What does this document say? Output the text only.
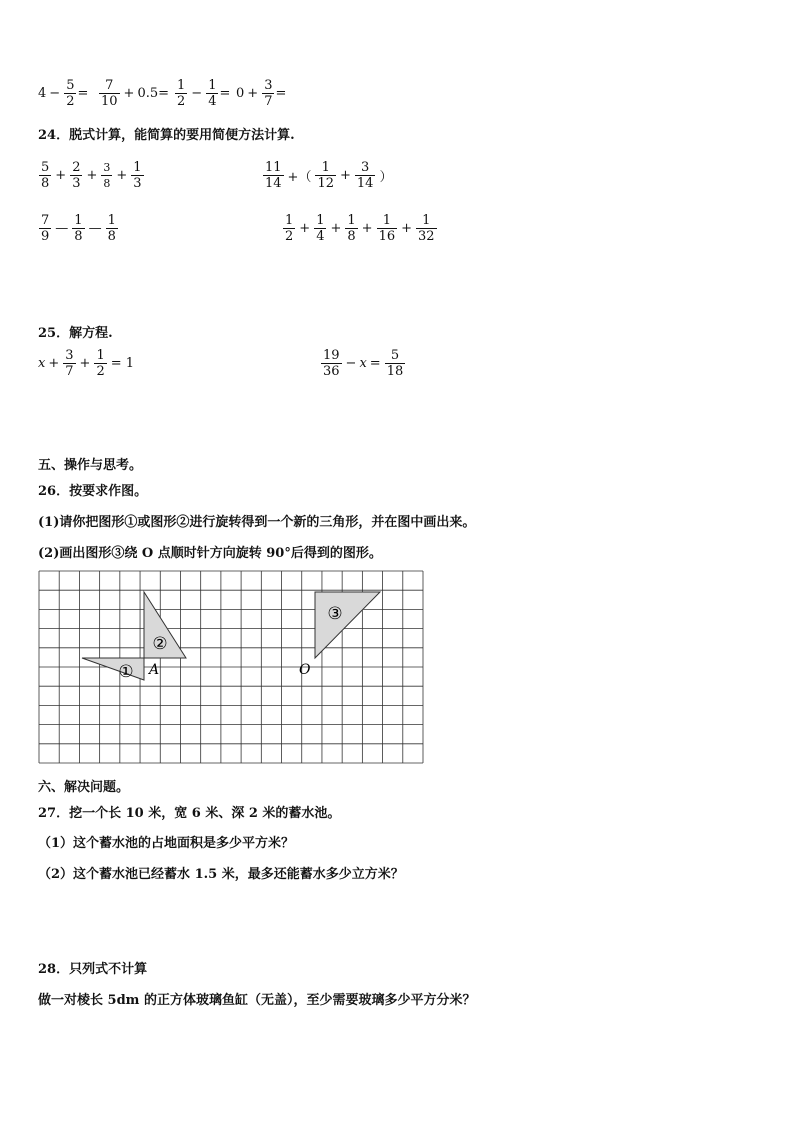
$4 - \frac{5}{2} = \frac{7}{10} + 0.5 = \frac{1}{2} - \frac{1}{4} = 0 + \frac{3}{7}$ =
24．脱式计算，能简算的要用简便方法计算.
$\frac{5}{8} + \frac{2}{3} + \frac{3}{8} + \frac{1}{3}$	$\frac{11}{14}$ +（ $\frac{1}{12} + \frac{3}{14}$ ）
$\frac{7}{9}$ — $\frac{1}{8}$ — $\frac{1}{8}$	$\frac{1}{2} + \frac{1}{4} + \frac{1}{8} + \frac{1}{16} + \frac{1}{32}$
25．解方程.
$x + \frac{3}{7} + \frac{1}{2} = 1$	$\frac{19}{36} - x = \frac{5}{18}$
五、操作与思考。
26．按要求作图。
(1)请你把图形①或图形②进行旋转得到一个新的三角形，并在图中画出来。
(2)画出图形③绕 O 点顺时针方向旋转 90°后得到的图形。
①
②
③
A	O
六、解决问题。
27．挖一个长 10 米，宽 6 米、深 2 米的蓄水池。
（1）这个蓄水池的占地面积是多少平方米？
（2）这个蓄水池已经蓄水 1.5 米，最多还能蓄水多少立方米？
28．只列式不计算
做一对棱长 5dm 的正方体玻璃鱼缸（无盖），至少需要玻璃多少平方分米？
